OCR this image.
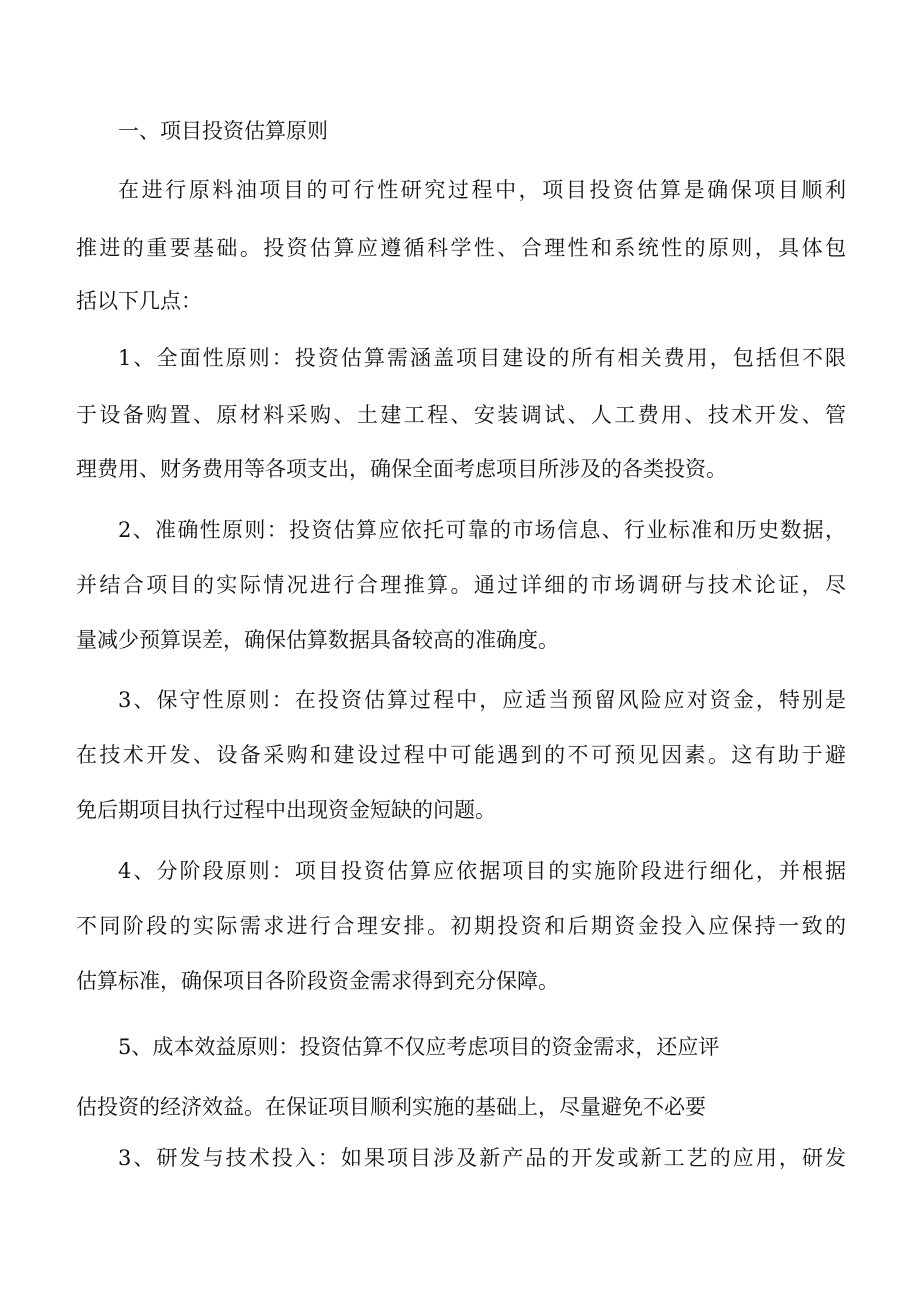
一、项目投资估算原则

在进行原料油项目的可行性研究过程中，项目投资估算是确保项目顺利

推进的重要基础。投资估算应遵循科学性、合理性和系统性的原则，具体包

括以下几点：

1、全面性原则：投资估算需涵盖项目建设的所有相关费用，包括但不限

于设备购置、原材料采购、土建工程、安装调试、人工费用、技术开发、管

理费用、财务费用等各项支出，确保全面考虑项目所涉及的各类投资。

2、准确性原则：投资估算应依托可靠的市场信息、行业标准和历史数据，

并结合项目的实际情况进行合理推算。通过详细的市场调研与技术论证，尽

量减少预算误差，确保估算数据具备较高的准确度。

3、保守性原则：在投资估算过程中，应适当预留风险应对资金，特别是

在技术开发、设备采购和建设过程中可能遇到的不可预见因素。这有助于避

免后期项目执行过程中出现资金短缺的问题。

4、分阶段原则：项目投资估算应依据项目的实施阶段进行细化，并根据

不同阶段的实际需求进行合理安排。初期投资和后期资金投入应保持一致的

估算标准，确保项目各阶段资金需求得到充分保障。

5、成本效益原则：投资估算不仅应考虑项目的资金需求，还应评

估投资的经济效益。在保证项目顺利实施的基础上，尽量避免不必要

3、研发与技术投入：如果项目涉及新产品的开发或新工艺的应用，研发
